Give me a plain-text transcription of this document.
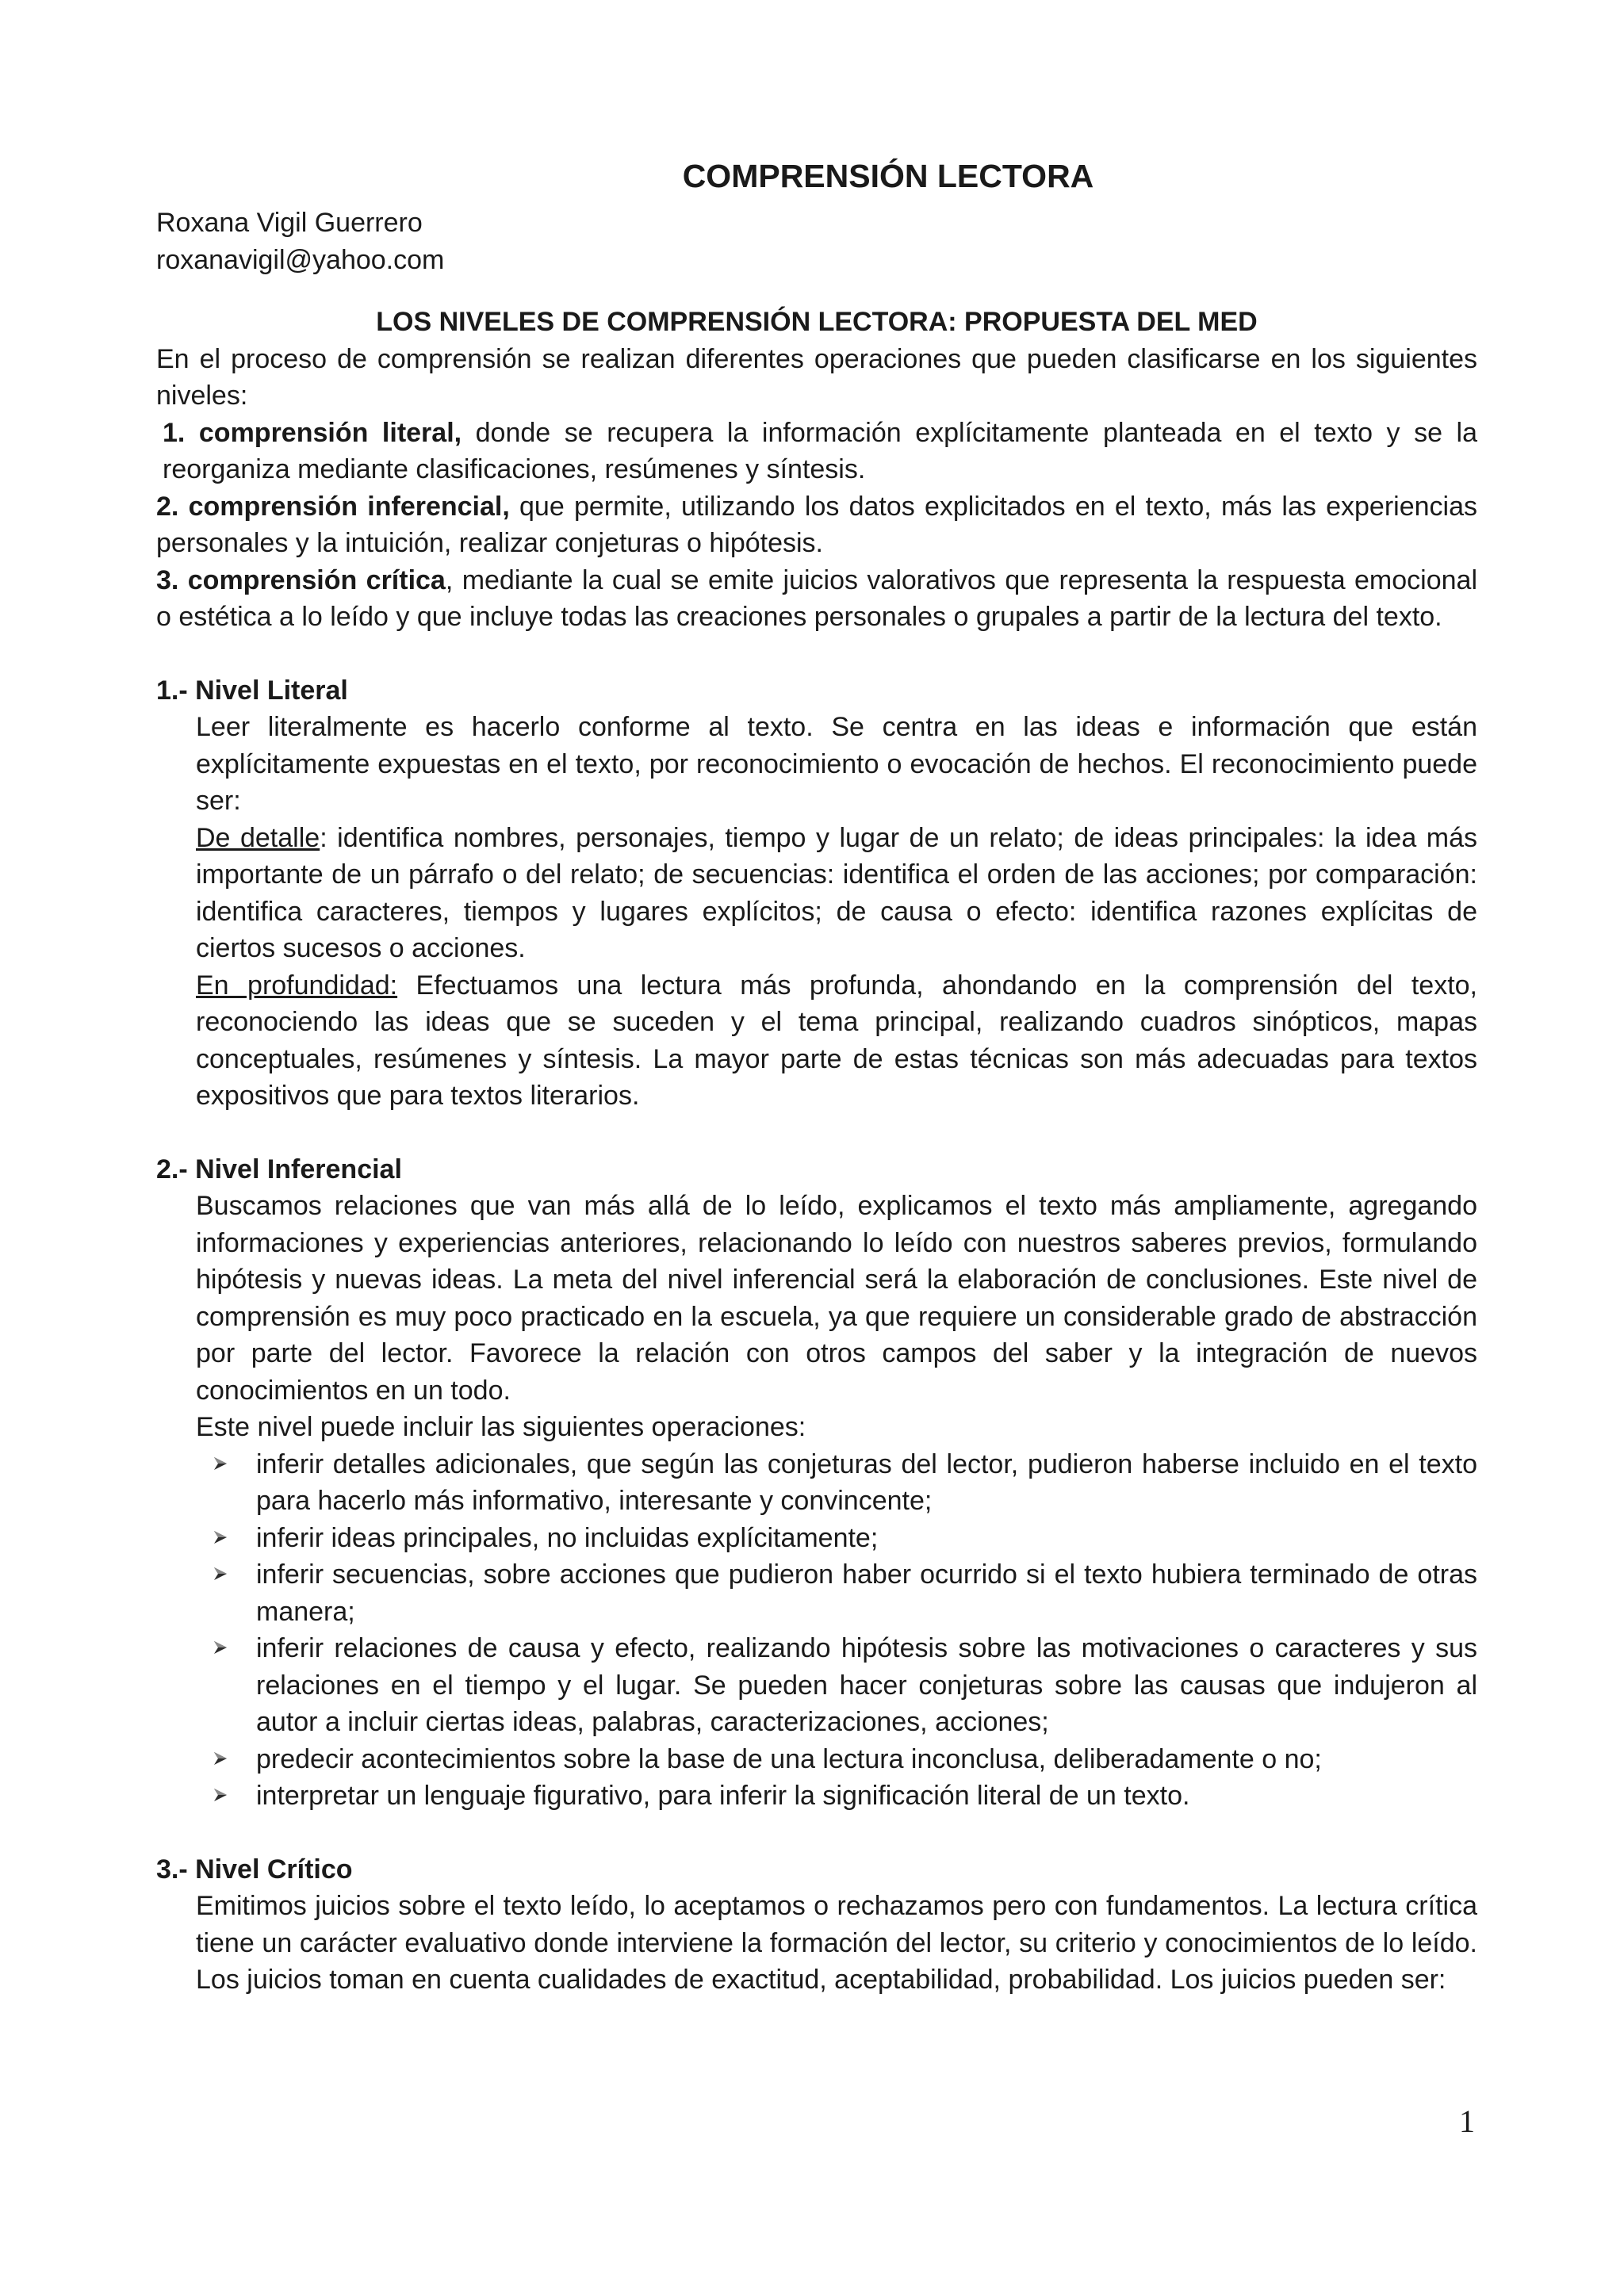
COMPRENSIÓN LECTORA

Roxana Vigil Guerrero

roxanavigil@yahoo.com

LOS NIVELES DE COMPRENSIÓN LECTORA: PROPUESTA DEL MED

En el proceso de comprensión se realizan diferentes operaciones que pueden clasificarse en los siguientes niveles:

1. comprensión literal, donde se recupera la información explícitamente planteada en el texto y se la reorganiza mediante clasificaciones, resúmenes y síntesis.

2. comprensión inferencial, que permite, utilizando los datos explicitados en el texto, más las experiencias personales y la intuición, realizar conjeturas o hipótesis.

3. comprensión crítica, mediante la cual se emite juicios valorativos que representa la respuesta emocional o estética a lo leído y que incluye todas las creaciones personales o grupales a partir de la lectura del texto.

1.- Nivel Literal

Leer literalmente es hacerlo conforme al texto. Se centra en las ideas e información que están explícitamente expuestas en el texto, por reconocimiento o evocación de hechos. El reconocimiento puede ser:

De detalle: identifica nombres, personajes, tiempo y lugar de un relato; de ideas principales: la idea más importante de un párrafo o del relato; de secuencias: identifica el orden de las acciones; por comparación: identifica caracteres, tiempos y lugares explícitos; de causa o efecto: identifica razones explícitas de ciertos sucesos o acciones.

En profundidad: Efectuamos una lectura más profunda, ahondando en la comprensión del texto, reconociendo las ideas que se suceden y el tema principal, realizando cuadros sinópticos, mapas conceptuales, resúmenes y síntesis. La mayor parte de estas técnicas son más adecuadas para textos expositivos que para textos literarios.

2.- Nivel Inferencial

Buscamos relaciones que van más allá de lo leído, explicamos el texto más ampliamente, agregando informaciones y experiencias anteriores, relacionando lo leído con nuestros saberes previos, formulando hipótesis y nuevas ideas. La meta del nivel inferencial será la elaboración de conclusiones. Este nivel de comprensión es muy poco practicado en la escuela, ya que requiere un considerable grado de abstracción por parte del lector. Favorece la relación con otros campos del saber y la integración de nuevos conocimientos en un todo.

Este nivel puede incluir las siguientes operaciones:

inferir detalles adicionales, que según las conjeturas del lector, pudieron haberse incluido en el texto para hacerlo más informativo, interesante y convincente;
inferir ideas principales, no incluidas explícitamente;
inferir secuencias, sobre acciones que pudieron haber ocurrido si el texto hubiera terminado de otras manera;
inferir relaciones de causa y efecto, realizando hipótesis sobre las motivaciones o caracteres y sus relaciones en el tiempo y el lugar. Se pueden hacer conjeturas sobre las causas que indujeron al autor a incluir ciertas ideas, palabras, caracterizaciones, acciones;
predecir acontecimientos sobre la base de una lectura inconclusa, deliberadamente o no;
interpretar un lenguaje figurativo, para inferir la significación literal de un texto.

3.- Nivel Crítico

Emitimos juicios sobre el texto leído, lo aceptamos o rechazamos pero con fundamentos. La lectura crítica tiene un carácter evaluativo donde interviene la formación del lector, su criterio y conocimientos de lo leído. Los juicios toman en cuenta cualidades de exactitud, aceptabilidad, probabilidad. Los juicios pueden ser:

1
